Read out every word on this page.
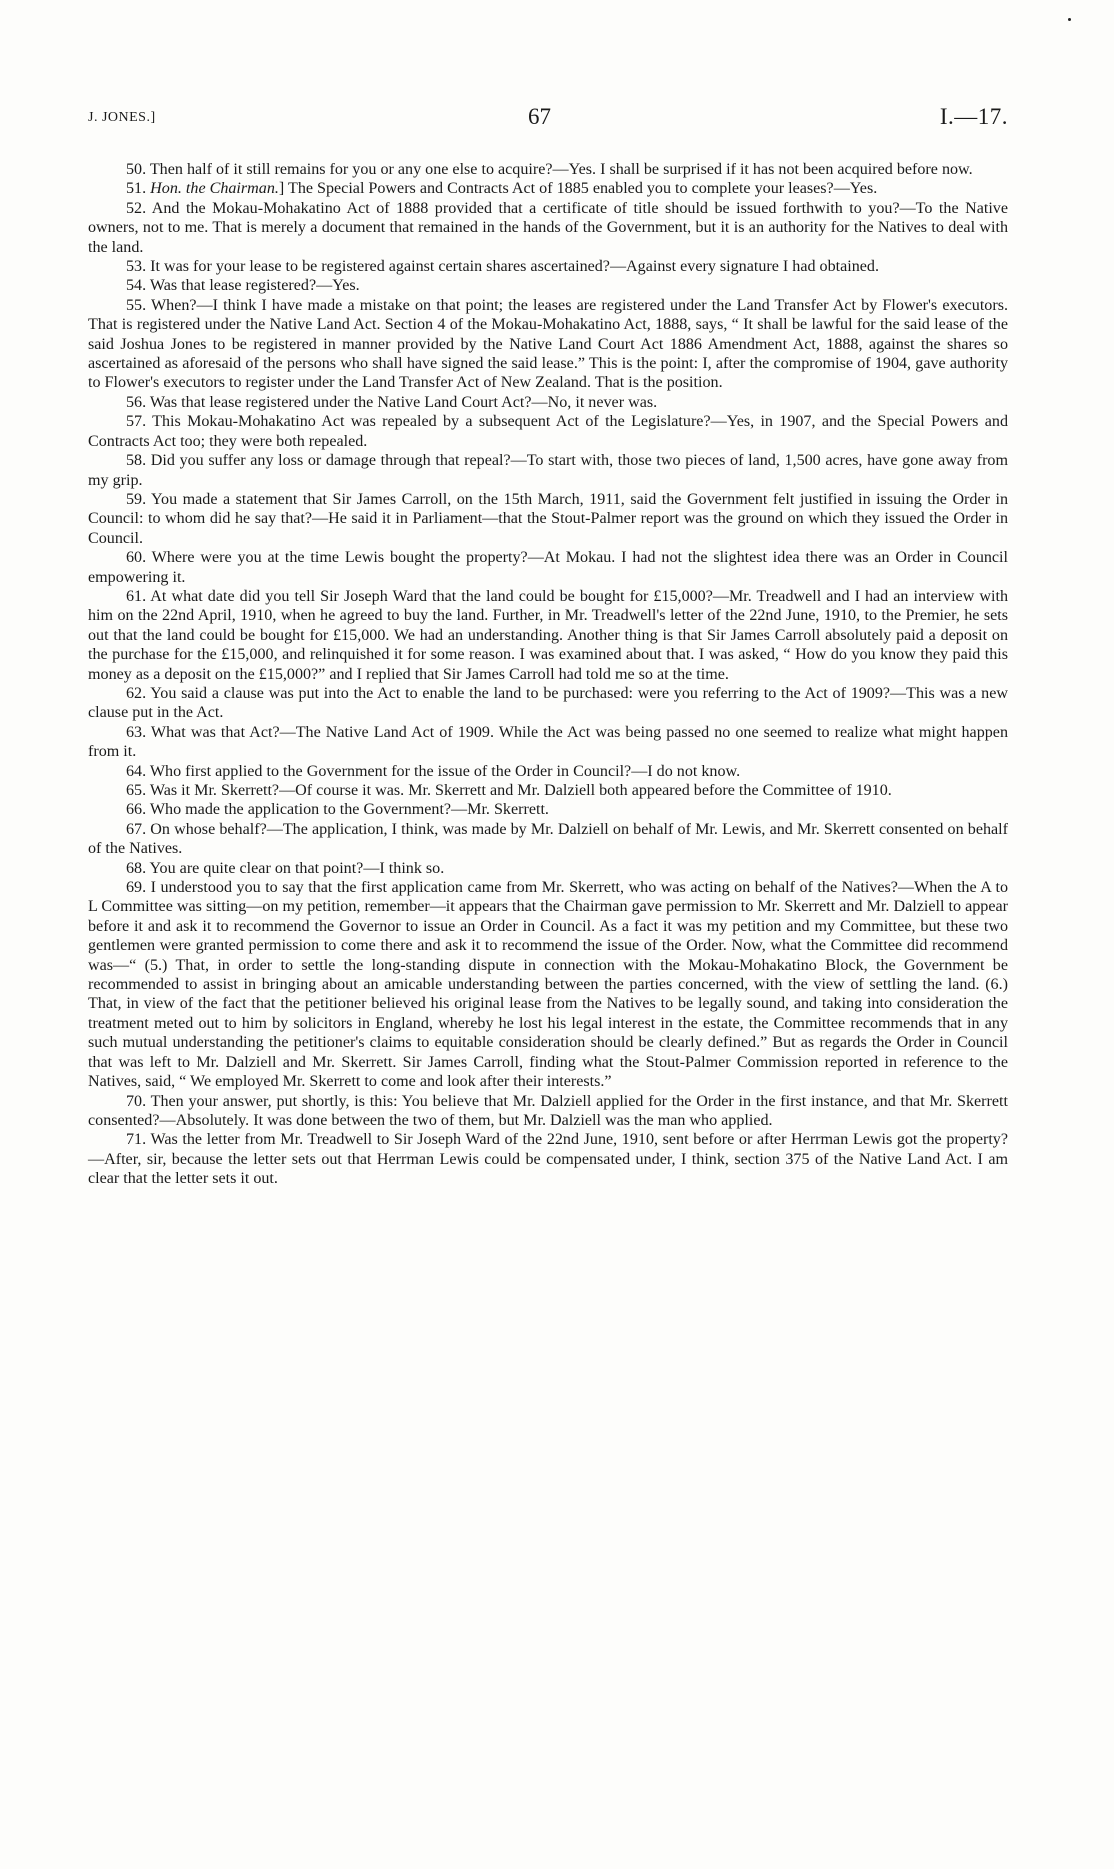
J. JONES.]	67	I.—17.

50. Then half of it still remains for you or any one else to acquire?—Yes. I shall be surprised if it has not been acquired before now.

51. Hon. the Chairman.] The Special Powers and Contracts Act of 1885 enabled you to complete your leases?—Yes.

52. And the Mokau-Mohakatino Act of 1888 provided that a certificate of title should be issued forthwith to you?—To the Native owners, not to me. That is merely a document that remained in the hands of the Government, but it is an authority for the Natives to deal with the land.

53. It was for your lease to be registered against certain shares ascertained?—Against every signature I had obtained.

54. Was that lease registered?—Yes.

55. When?—I think I have made a mistake on that point; the leases are registered under the Land Transfer Act by Flower's executors. That is registered under the Native Land Act. Section 4 of the Mokau-Mohakatino Act, 1888, says, “ It shall be lawful for the said lease of the said Joshua Jones to be registered in manner provided by the Native Land Court Act 1886 Amendment Act, 1888, against the shares so ascertained as aforesaid of the persons who shall have signed the said lease.” This is the point: I, after the compromise of 1904, gave authority to Flower's executors to register under the Land Transfer Act of New Zealand. That is the position.

56. Was that lease registered under the Native Land Court Act?—No, it never was.

57. This Mokau-Mohakatino Act was repealed by a subsequent Act of the Legislature?—Yes, in 1907, and the Special Powers and Contracts Act too; they were both repealed.

58. Did you suffer any loss or damage through that repeal?—To start with, those two pieces of land, 1,500 acres, have gone away from my grip.

59. You made a statement that Sir James Carroll, on the 15th March, 1911, said the Government felt justified in issuing the Order in Council: to whom did he say that?—He said it in Parliament—that the Stout-Palmer report was the ground on which they issued the Order in Council.

60. Where were you at the time Lewis bought the property?—At Mokau. I had not the slightest idea there was an Order in Council empowering it.

61. At what date did you tell Sir Joseph Ward that the land could be bought for £15,000?—Mr. Treadwell and I had an interview with him on the 22nd April, 1910, when he agreed to buy the land. Further, in Mr. Treadwell's letter of the 22nd June, 1910, to the Premier, he sets out that the land could be bought for £15,000. We had an understanding. Another thing is that Sir James Carroll absolutely paid a deposit on the purchase for the £15,000, and relinquished it for some reason. I was examined about that. I was asked, “ How do you know they paid this money as a deposit on the £15,000?” and I replied that Sir James Carroll had told me so at the time.

62. You said a clause was put into the Act to enable the land to be purchased: were you referring to the Act of 1909?—This was a new clause put in the Act.

63. What was that Act?—The Native Land Act of 1909. While the Act was being passed no one seemed to realize what might happen from it.

64. Who first applied to the Government for the issue of the Order in Council?—I do not know.

65. Was it Mr. Skerrett?—Of course it was. Mr. Skerrett and Mr. Dalziell both appeared before the Committee of 1910.

66. Who made the application to the Government?—Mr. Skerrett.

67. On whose behalf?—The application, I think, was made by Mr. Dalziell on behalf of Mr. Lewis, and Mr. Skerrett consented on behalf of the Natives.

68. You are quite clear on that point?—I think so.

69. I understood you to say that the first application came from Mr. Skerrett, who was acting on behalf of the Natives?—When the A to L Committee was sitting—on my petition, remember—it appears that the Chairman gave permission to Mr. Skerrett and Mr. Dalziell to appear before it and ask it to recommend the Governor to issue an Order in Council. As a fact it was my petition and my Committee, but these two gentlemen were granted permission to come there and ask it to recommend the issue of the Order. Now, what the Committee did recommend was—“ (5.) That, in order to settle the long-standing dispute in connection with the Mokau-Mohakatino Block, the Government be recommended to assist in bringing about an amicable understanding between the parties concerned, with the view of settling the land. (6.) That, in view of the fact that the petitioner believed his original lease from the Natives to be legally sound, and taking into consideration the treatment meted out to him by solicitors in England, whereby he lost his legal interest in the estate, the Committee recommends that in any such mutual understanding the petitioner's claims to equitable consideration should be clearly defined.” But as regards the Order in Council that was left to Mr. Dalziell and Mr. Skerrett. Sir James Carroll, finding what the Stout-Palmer Commission reported in reference to the Natives, said, “ We employed Mr. Skerrett to come and look after their interests.”

70. Then your answer, put shortly, is this: You believe that Mr. Dalziell applied for the Order in the first instance, and that Mr. Skerrett consented?—Absolutely. It was done between the two of them, but Mr. Dalziell was the man who applied.

71. Was the letter from Mr. Treadwell to Sir Joseph Ward of the 22nd June, 1910, sent before or after Herrman Lewis got the property?—After, sir, because the letter sets out that Herrman Lewis could be compensated under, I think, section 375 of the Native Land Act. I am clear that the letter sets it out.
